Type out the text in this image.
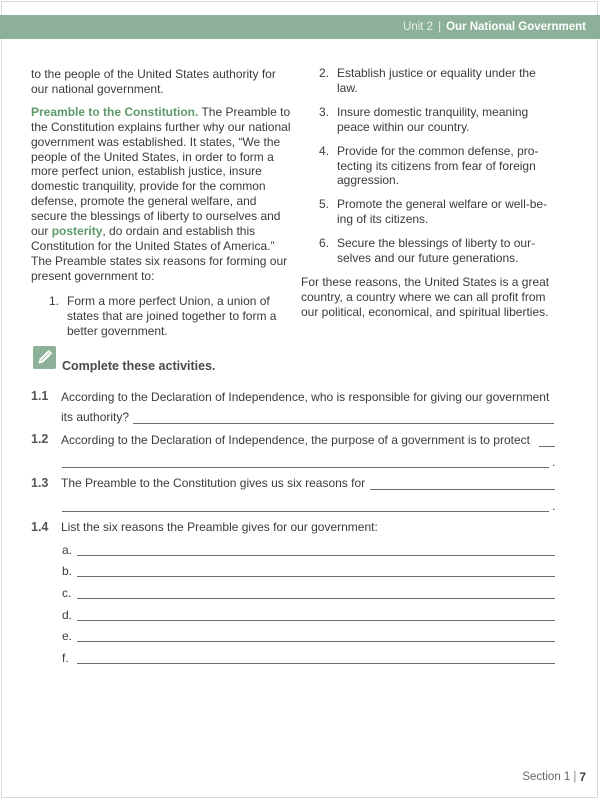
Unit 2 | Our National Government

to the people of the United States authority for our national government.

Preamble to the Constitution. The Preamble to the Constitution explains further why our national government was established. It states, “We the people of the United States, in order to form a more perfect union, establish justice, insure domestic tranquility, provide for the common defense, promote the general welfare, and secure the blessings of liberty to ourselves and our posterity, do ordain and establish this Constitution for the United States of America.” The Preamble states six reasons for forming our present government to:

1. Form a more perfect Union, a union of states that are joined together to form a better government.
2. Establish justice or equality under the law.
3. Insure domestic tranquility, meaning peace within our country.
4. Provide for the common defense, protecting its citizens from fear of foreign aggression.
5. Promote the general welfare or well-being of its citizens.
6. Secure the blessings of liberty to ourselves and our future generations.

For these reasons, the United States is a great country, a country where we can all profit from our political, economical, and spiritual liberties.

Complete these activities.
1.1 According to the Declaration of Independence, who is responsible for giving our government
its authority?
1.2 According to the Declaration of Independence, the purpose of a government is to protect
.
1.3 The Preamble to the Constitution gives us six reasons for
.
1.4 List the six reasons the Preamble gives for our government:
a.
b.
c.
d.
e.
f.
Section 1 | 7
